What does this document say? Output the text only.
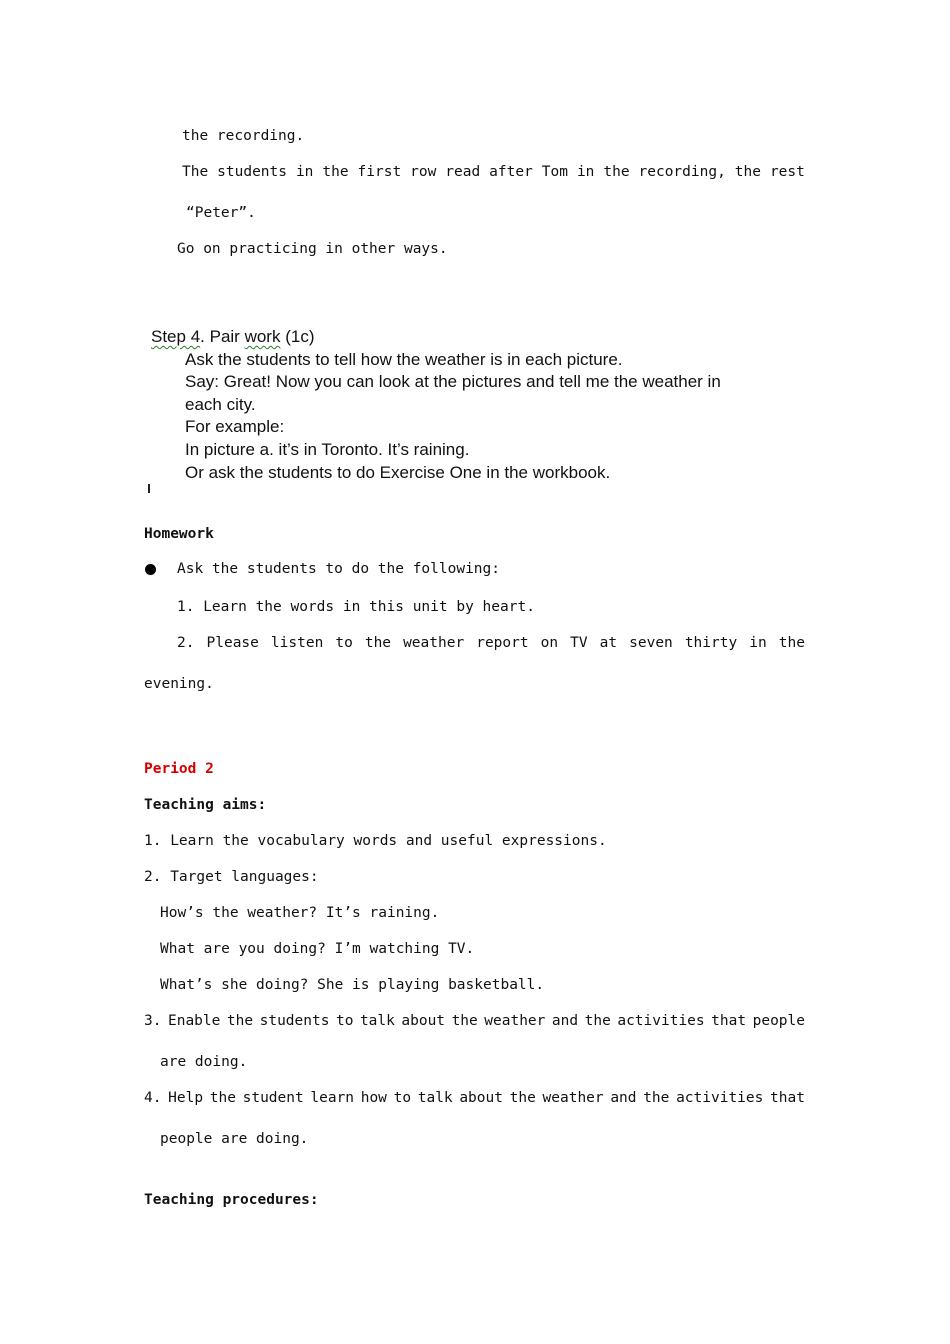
the recording.
The students in the first row read after Tom in the recording, the rest
“Peter”.
Go on practicing in other ways.
Step 4. Pair work (1c)
Ask the students to tell how the weather is in each picture.
Say: Great! Now you can look at the pictures and tell me the weather in
each city.
For example:
In picture a. it’s in Toronto. It’s raining.
Or ask the students to do Exercise One in the workbook.
Homework
Ask the students to do the following:
1. Learn the words in this unit by heart.
2. Please listen to the weather report on TV at seven thirty in the
evening.
Period 2
Teaching aims:
1. Learn the vocabulary words and useful expressions.
2. Target languages:
How’s the weather? It’s raining.
What are you doing? I’m watching TV.
What’s she doing? She is playing basketball.
3. Enable the students to talk about the weather and the activities that people
are doing.
4. Help the student learn how to talk about the weather and the activities that
people are doing.
Teaching procedures:
